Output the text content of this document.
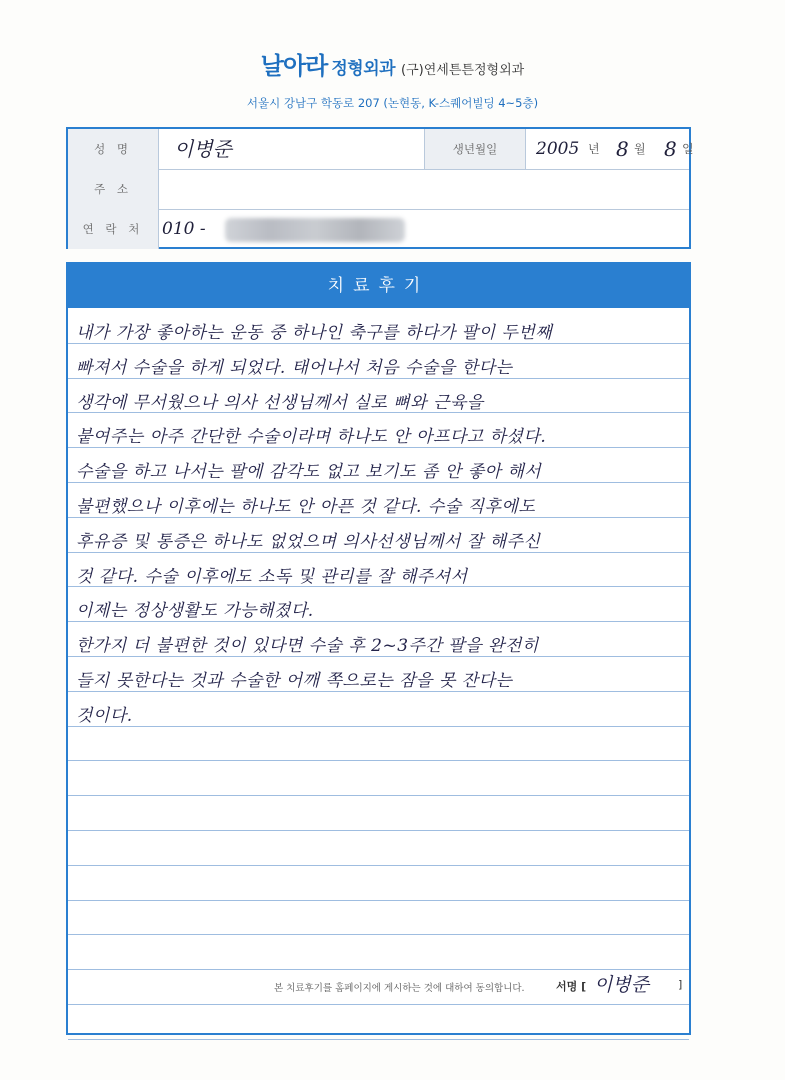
날아라 정형외과 (구)연세튼튼정형외과
서울시 강남구 학동로 207 (논현동, K-스퀘어빌딩 4~5층)
성 명	이병준	생년월일	2005 년 8 월 8 일
주 소
연 락 처	010 -
치료후기
내가 가장 좋아하는 운동 중 하나인 축구를 하다가 팔이 두번째
빠져서 수술을 하게 되었다. 태어나서 처음 수술을 한다는
생각에 무서웠으나 의사 선생님께서 실로 뼈와 근육을
붙여주는 아주 간단한 수술이라며 하나도 안 아프다고 하셨다.
수술을 하고 나서는 팔에 감각도 없고 보기도 좀 안 좋아 해서
불편했으나 이후에는 하나도 안 아픈 것 같다. 수술 직후에도
후유증 및 통증은 하나도 없었으며 의사선생님께서 잘 해주신
것 같다. 수술 이후에도 소독 및 관리를 잘 해주셔서
이제는 정상생활도 가능해졌다.
한가지 더 불편한 것이 있다면 수술 후 2~3주간 팔을 완전히
들지 못한다는 것과 수술한 어깨 쪽으로는 잠을 못 잔다는
것이다.
본 치료후기를 홈페이지에 게시하는 것에 대하여 동의합니다.	서명 [ 이병준	]
